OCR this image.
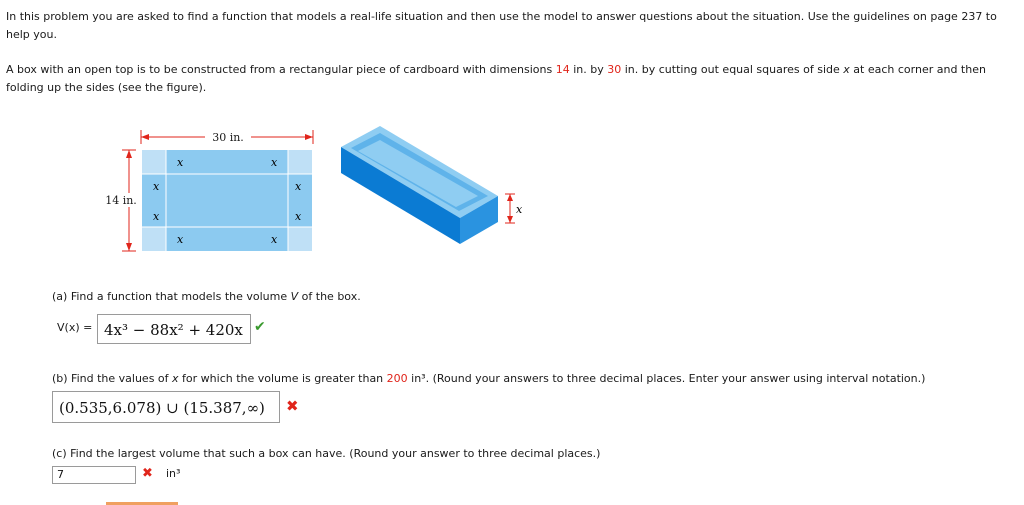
In this problem you are asked to find a function that models a real-life situation and then use the model to answer questions about the situation. Use the guidelines on page 237 to help you.
A box with an open top is to be constructed from a rectangular piece of cardboard with dimensions 14 in. by 30 in. by cutting out equal squares of side x at each corner and then folding up the sides (see the figure).
30 in.
14 in.
x	x
x	x
x	x
x	x
x
(a) Find a function that models the volume V of the box.
V(x) = 4x³ − 88x² + 420x ✔
(b) Find the values of x for which the volume is greater than 200 in³. (Round your answers to three decimal places. Enter your answer using interval notation.)
(0.535,6.078) ∪ (15.387,∞)	✖
(c) Find the largest volume that such a box can have. (Round your answer to three decimal places.)
7	✖ in³
